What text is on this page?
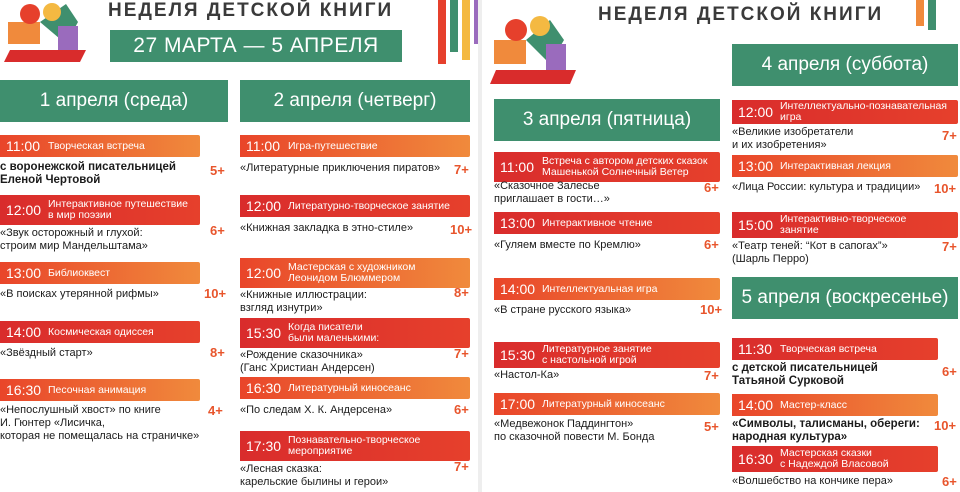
НЕДЕЛЯ ДЕТСКОЙ КНИГИ
27 МАРТА — 5 АПРЕЛЯ
1 апреля (среда)
11:00 Творческая встреча
с воронежской писательницей
Еленой Чертовой
5+
12:00 Интерактивное путешествие
в мир поэзии
«Звук осторожный и глухой:
строим мир Мандельштама»
6+
13:00 Библиоквест
«В поисках утерянной рифмы»	10+
14:00 Космическая одиссея
«Звёздный старт»	8+
16:30 Песочная анимация
«Непослушный хвост» по книге
И. Гюнтер «Лисичка,
которая не помещалась на страничке»
4+
2 апреля (четверг)
11:00 Игра-путешествие
«Литературные приключения пиратов» 7+
12:00 Литературно-творческое занятие
«Книжная закладка в этно-стиле»	10+
12:00 Мастерская с художником
Леонидом Блюммером
«Книжные иллюстрации:
взгляд изнутри»
8+
15:30 Когда писатели
были маленькими:
«Рождение сказочника»
(Ганс Христиан Андерсен)
7+
16:30 Литературный киносеанс
«По следам Х. К. Андерсена»	6+
17:30 Познавательно-творческое
мероприятие
«Лесная сказка:
карельские былины и герои»
7+
НЕДЕЛЯ ДЕТСКОЙ КНИГИ
3 апреля (пятница)
11:00 Встреча с автором детских сказок
Машенькой Солнечный Ветер
«Сказочное Залесье
приглашает в гости…»
6+
13:00 Интерактивное чтение
«Гуляем вместе по Кремлю»	6+
14:00 Интеллектуальная игра
«В стране русского языка»	10+
15:30 Литературное занятие
с настольной игрой
«Настол-Ка»	7+
17:00 Литературный киносеанс
«Медвежонок Паддингтон»
по сказочной повести М. Бонда
5+
4 апреля (суббота)
12:00 Интеллектуально-познавательная
игра
«Великие изобретатели
и их изобретения»
7+
13:00 Интерактивная лекция
«Лица России: культура и традиции» 10+
15:00 Интерактивно-творческое
занятие
«Театр теней: “Кот в сапогах”»
(Шарль Перро)
7+
5 апреля (воскресенье)
11:30 Творческая встреча
с детской писательницей
Татьяной Сурковой
6+
14:00 Мастер-класс
«Символы, талисманы, обереги:
народная культура»
10+
16:30 Мастерская сказки
с Надеждой Власовой
«Волшебство на кончике пера»	6+
